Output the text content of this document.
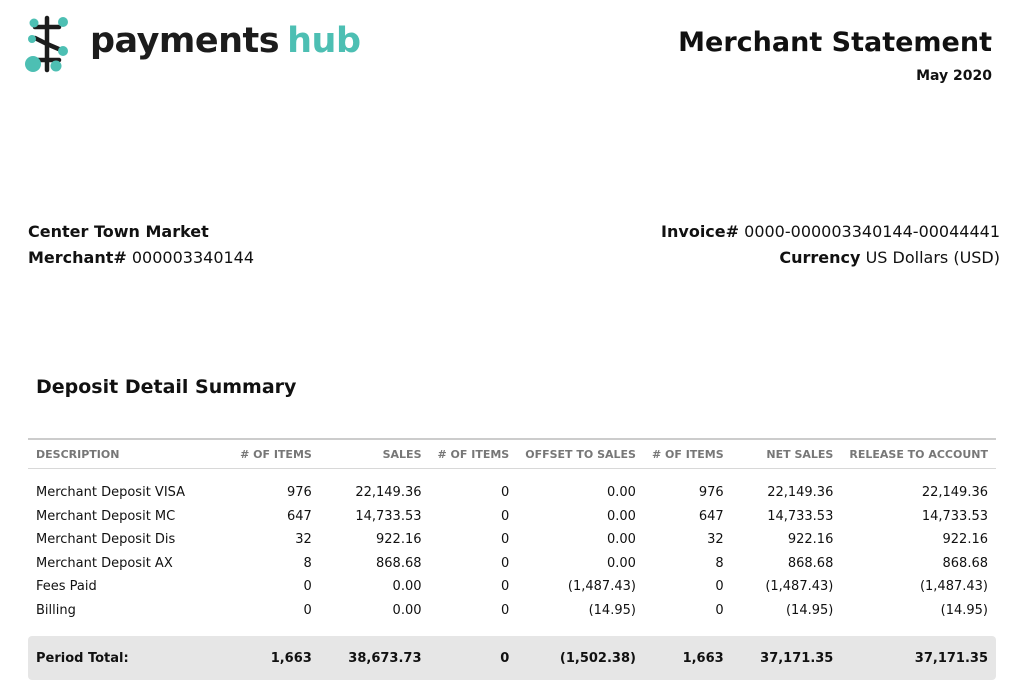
payments hub	Merchant Statement
May 2020
Center Town Market
Merchant# 000003340144
Invoice# 0000-000003340144-00044441
Currency US Dollars (USD)
Deposit Detail Summary
DESCRIPTION	# OF ITEMS	SALES	# OF ITEMS	OFFSET TO SALES	# OF ITEMS	NET SALES	RELEASE TO ACCOUNT

Merchant Deposit VISA	976	22,149.36	0	0.00	976	22,149.36	22,149.36
Merchant Deposit MC	647	14,733.53	0	0.00	647	14,733.53	14,733.53
Merchant Deposit Dis	32	922.16	0	0.00	32	922.16	922.16
Merchant Deposit AX	8	868.68	0	0.00	8	868.68	868.68
Fees Paid	0	0.00	0	(1,487.43)	0	(1,487.43)	(1,487.43)
Billing	0	0.00	0	(14.95)	0	(14.95)	(14.95)

Period Total:	1,663	38,673.73	0	(1,502.38)	1,663	37,171.35	37,171.35
